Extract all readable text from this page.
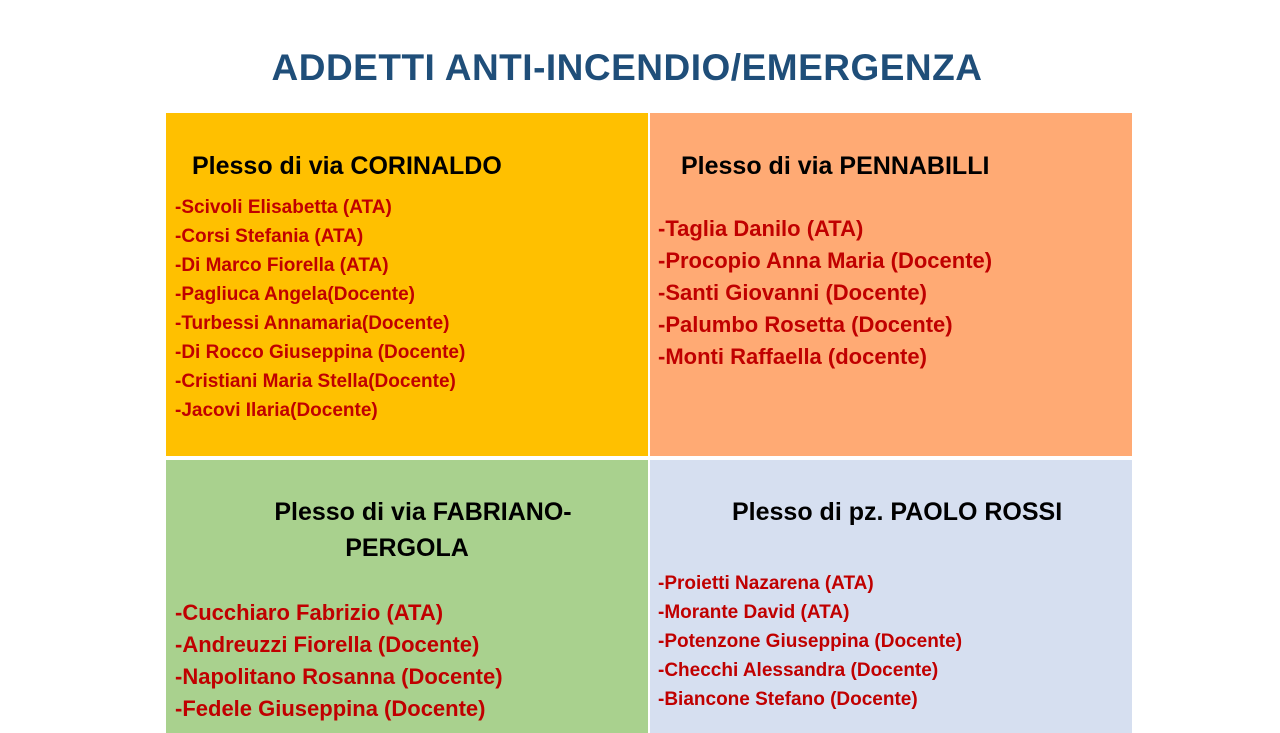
ADDETTI ANTI-INCENDIO/EMERGENZA
Plesso di via CORINALDO
-Scivoli Elisabetta (ATA)
-Corsi Stefania (ATA)
-Di Marco Fiorella (ATA)
-Pagliuca Angela(Docente)
-Turbessi Annamaria(Docente)
-Di Rocco Giuseppina (Docente)
-Cristiani Maria Stella(Docente)
-Jacovi Ilaria(Docente)
Plesso di via PENNABILLI
-Taglia Danilo (ATA)
-Procopio Anna Maria (Docente)
-Santi Giovanni (Docente)
-Palumbo Rosetta (Docente)
-Monti Raffaella (docente)
Plesso di via FABRIANO-
PERGOLA
-Cucchiaro Fabrizio (ATA)
-Andreuzzi Fiorella (Docente)
-Napolitano Rosanna (Docente)
-Fedele Giuseppina (Docente)
Plesso di pz. PAOLO ROSSI
-Proietti Nazarena (ATA)
-Morante David (ATA)
-Potenzone Giuseppina (Docente)
-Checchi Alessandra (Docente)
-Biancone Stefano (Docente)
